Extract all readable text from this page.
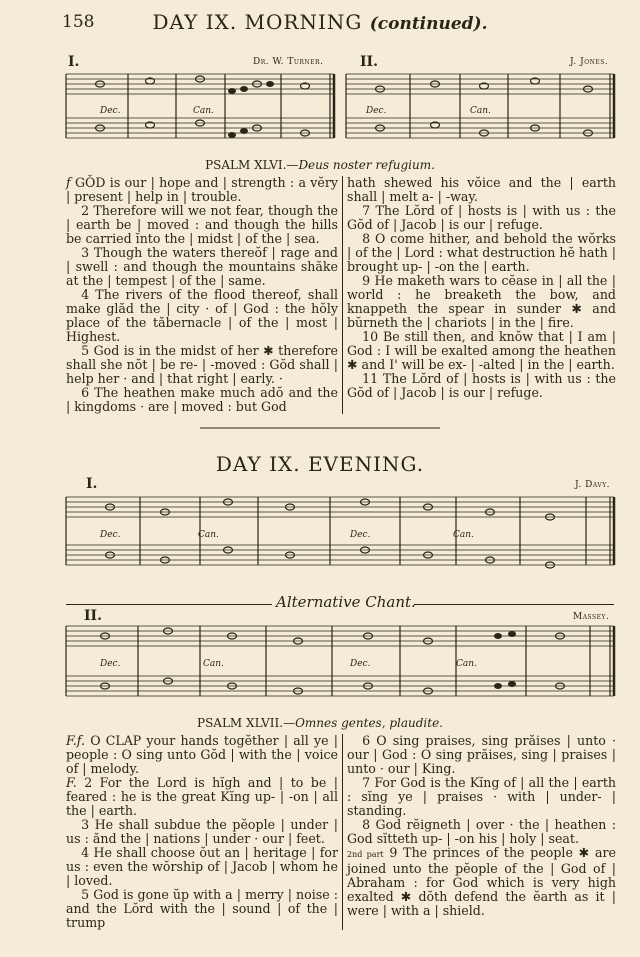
158	DAY IX. MORNING (continued).
I.	Dr. W. Turner.	II.	J. Jones.
Dec.	Can.	Dec.	Can.
Dec.	Can.	Dec.	Can.
Dec.	Can.	Dec.	Can.
PSALM XLVI.—Deus noster refugium.

f GŎD is our | hope and | strength : a vĕry | present | help in | trouble.

2 Therefore will we not fear, though the | earth be | moved : and though the hills be carried ĭnto the | midst | of the | sea.

3 Though the waters thereŏf | rage and | swell : and though the mountains shăke at the | tempest | of the | same.

4 The rivers of the flood thereof, shall make glăd the | city · of | God : the hŏly place of the tăbernacle | of the | most | Highest.

5 God is in the midst of her ✱ therefore shall she nŏt | be re- | -moved : Gŏd shall | help her · and | that right | early. ·

6 The heathen make much adŏ and the | kingdoms · are | moved : but God

hath shewed his vŏice and the | earth shall | melt a- | -way.

7 The Lŏrd of | hosts is | with us : the Gŏd of | Jacob | is our | refuge.

8 O come hither, and behold the wŏrks | of the | Lord : what destruction hĕ hath | brought up- | -on the | earth.

9 He maketh wars to cĕase in | all the | world : he breaketh the bow, and knappeth the spear in sunder ✱ and bŭrneth the | chariots | in the | fire.

10 Be still then, and knŏw that | I am | God : I will be exalted among the heathen ✱ and I' will be ex- | -alted | in the | earth.

11 The Lŏrd of | hosts is | with us : the Gŏd of | Jacob | is our | refuge.

DAY IX. EVENING.
I.	J. Davy.
Alternative Chant.
II.	Massey.
PSALM XLVII.—Omnes gentes, plaudite.

F.f. O CLAP your hands togĕther | all ye | people : O sing unto Gŏd | with the | voice of | melody.

F. 2 For the Lord is hĭgh and | to be | feared : he is the great Kĭng up- | -on | all the | earth.

3 He shall subdue the pĕople | under | us : ănd the | nations | under · our | feet.

4 He shall choose ŏut an | heritage | for us : even the wŏrship of | Jacob | whom he | loved.

5 God is gone ŭp with a | merry | noise : and the Lŏrd with the | sound | of the | trump

6 O sing praises, sing prăises | unto · our | God : O sing prăises, sing | praises | unto · our | King.

7 For God is the Kĭng of | all the | earth : sĭng ye | praises · with | under- | standing.

8 God rĕigneth | over · the | heathen : God sĭtteth up- | -on his | holy | seat.

2nd part 9 The princes of the people ✱ are joined unto the pĕople of the | God of | Abraham : for God which is very high exalted ✱ dŏth defend the ĕarth as it | were | with a | shield.
